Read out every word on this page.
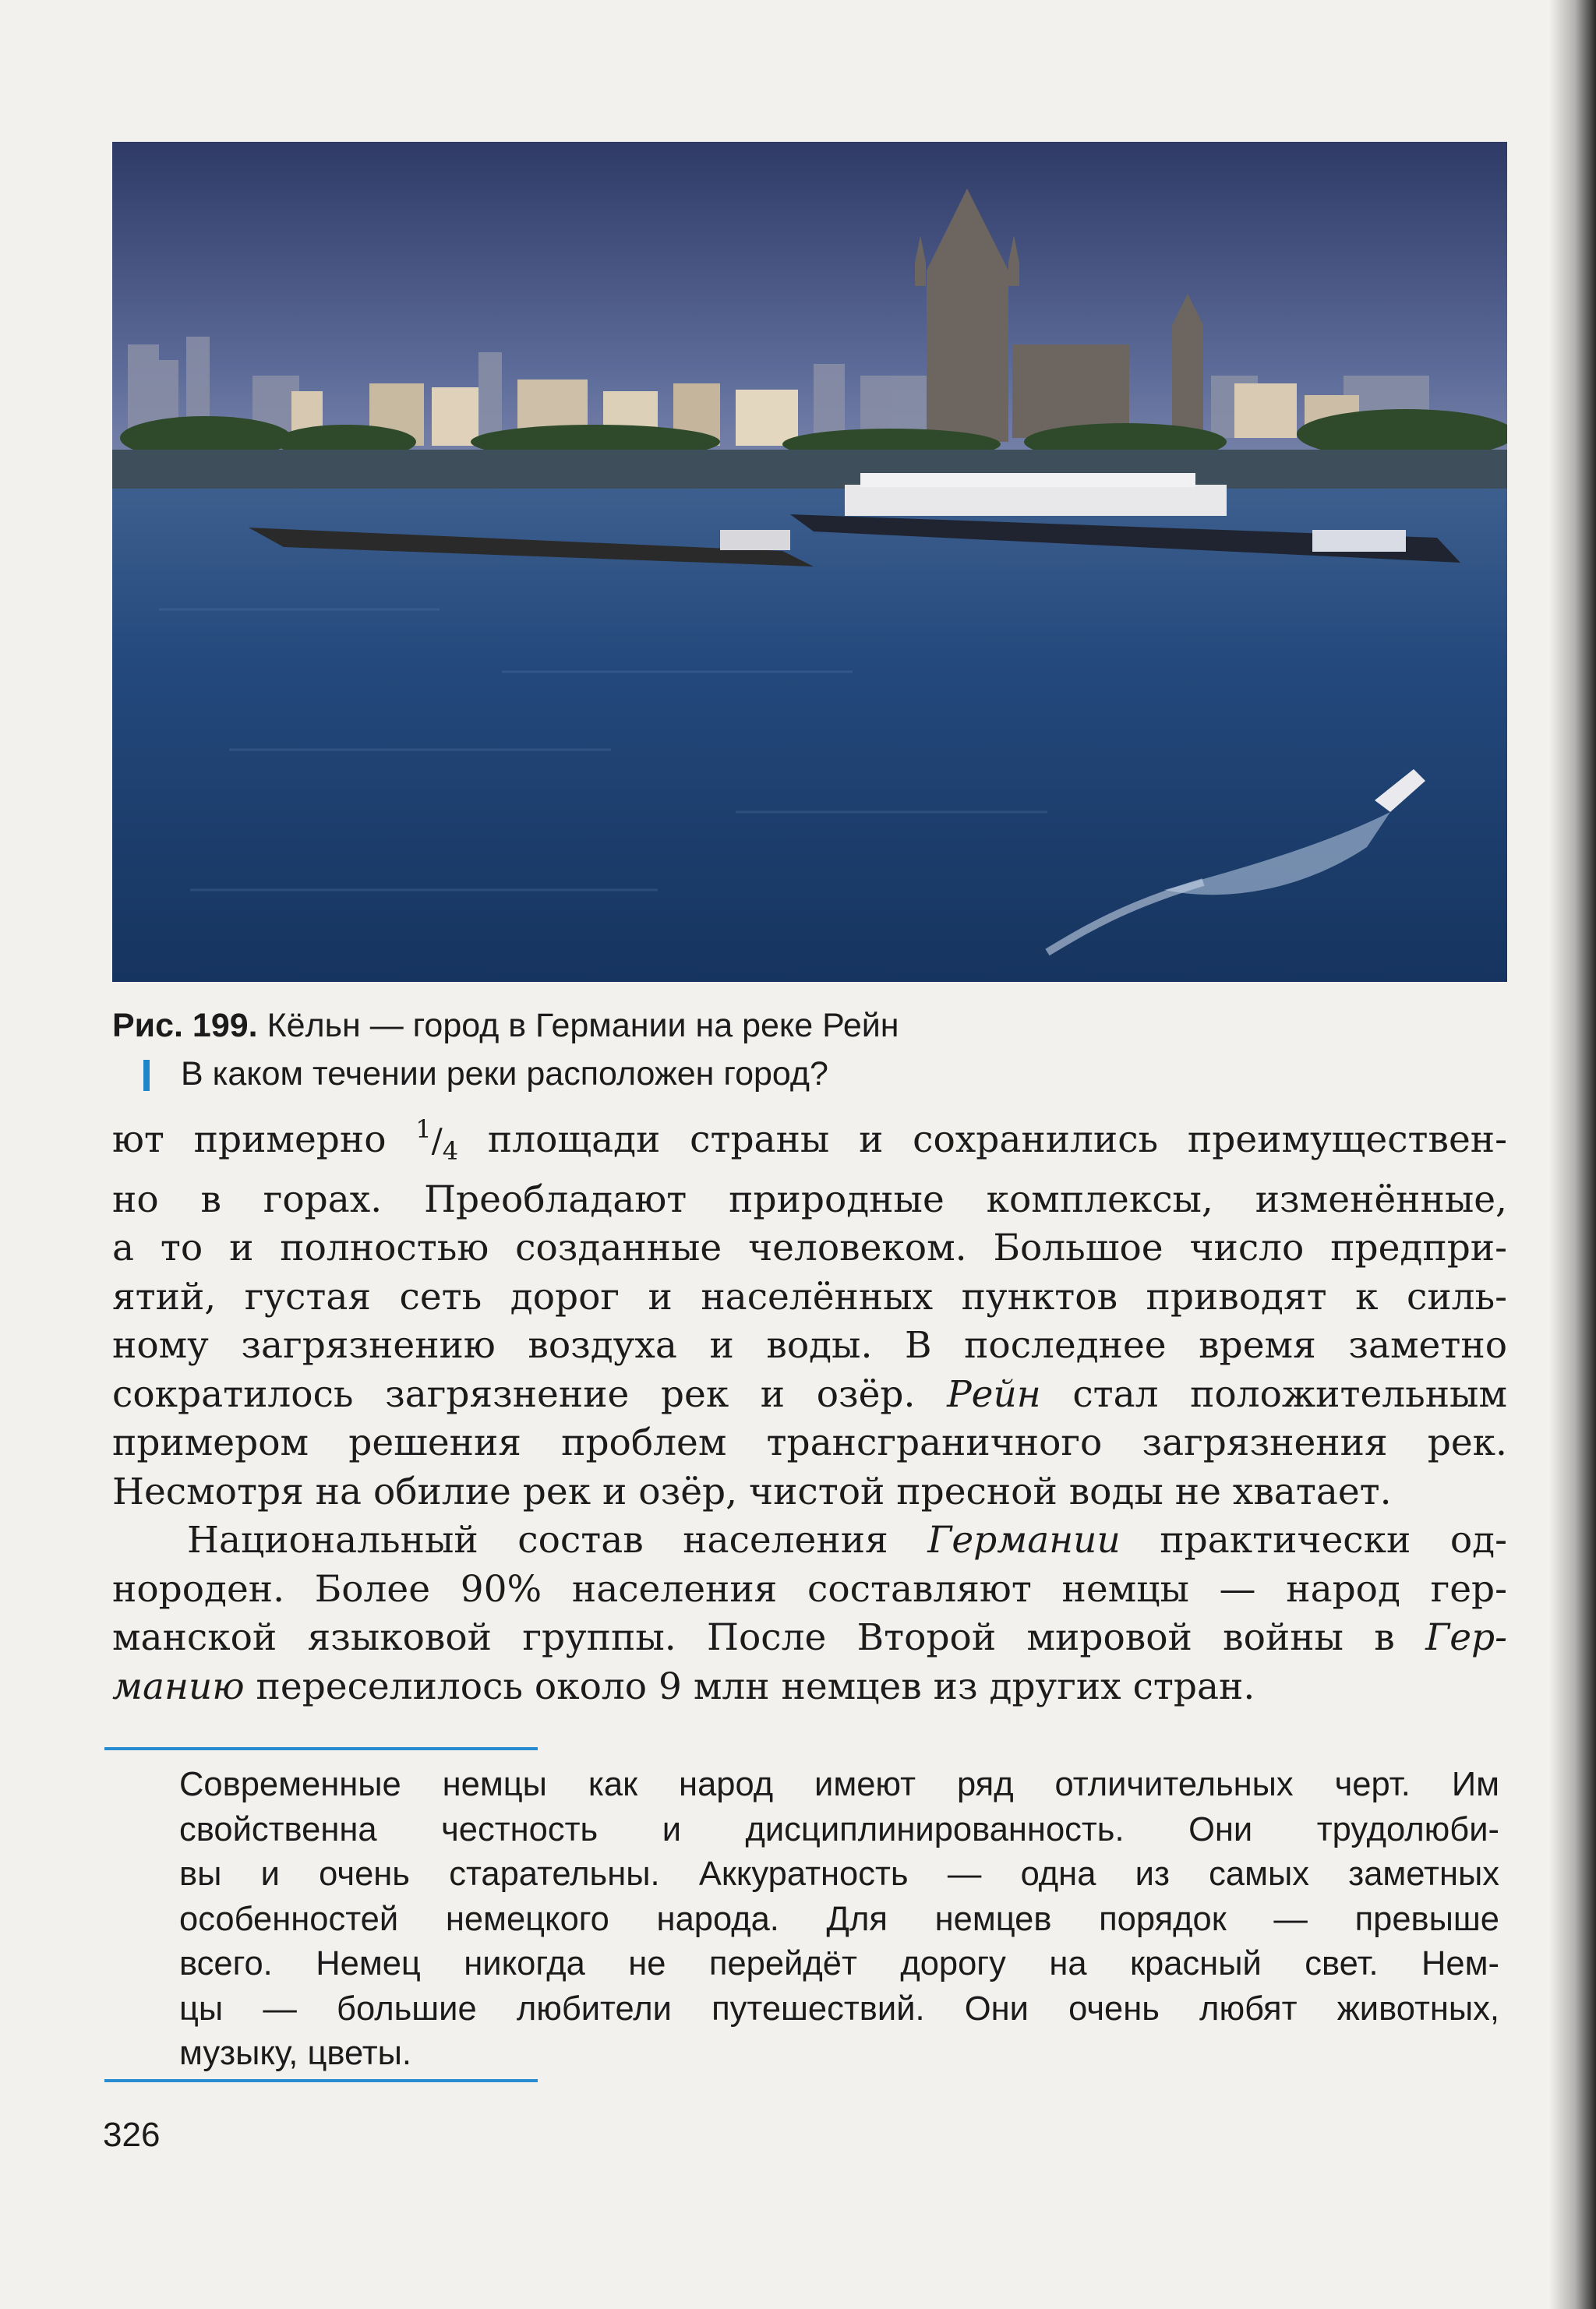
Рис. 199. Кёльн — город в Германии на реке Рейн
В каком течении реки расположен город?

ют примерно $^1/_4$ площади страны и сохранились преимуществен-
но в горах. Преобладают природные комплексы, изменённые,
а то и полностью созданные человеком. Большое число предпри-
ятий, густая сеть дорог и населённых пунктов приводят к силь-
ному загрязнению воздуха и воды. В последнее время заметно
сократилось загрязнение рек и озёр. Рейн стал положительным
примером решения проблем трансграничного загрязнения рек.
Несмотря на обилие рек и озёр, чистой пресной воды не хватает.

Национальный состав населения Германии практически од-
нороден. Более 90% населения составляют немцы — народ гер-
манской языковой группы. После Второй мировой войны в Гер-
манию переселилось около 9 млн немцев из других стран.

Современные немцы как народ имеют ряд отличительных черт. Им
свойственна честность и дисциплинированность. Они трудолюби-
вы и очень старательны. Аккуратность — одна из самых заметных
особенностей немецкого народа. Для немцев порядок — превыше
всего. Немец никогда не перейдёт дорогу на красный свет. Нем-
цы — большие любители путешествий. Они очень любят животных,
музыку, цветы.
326
